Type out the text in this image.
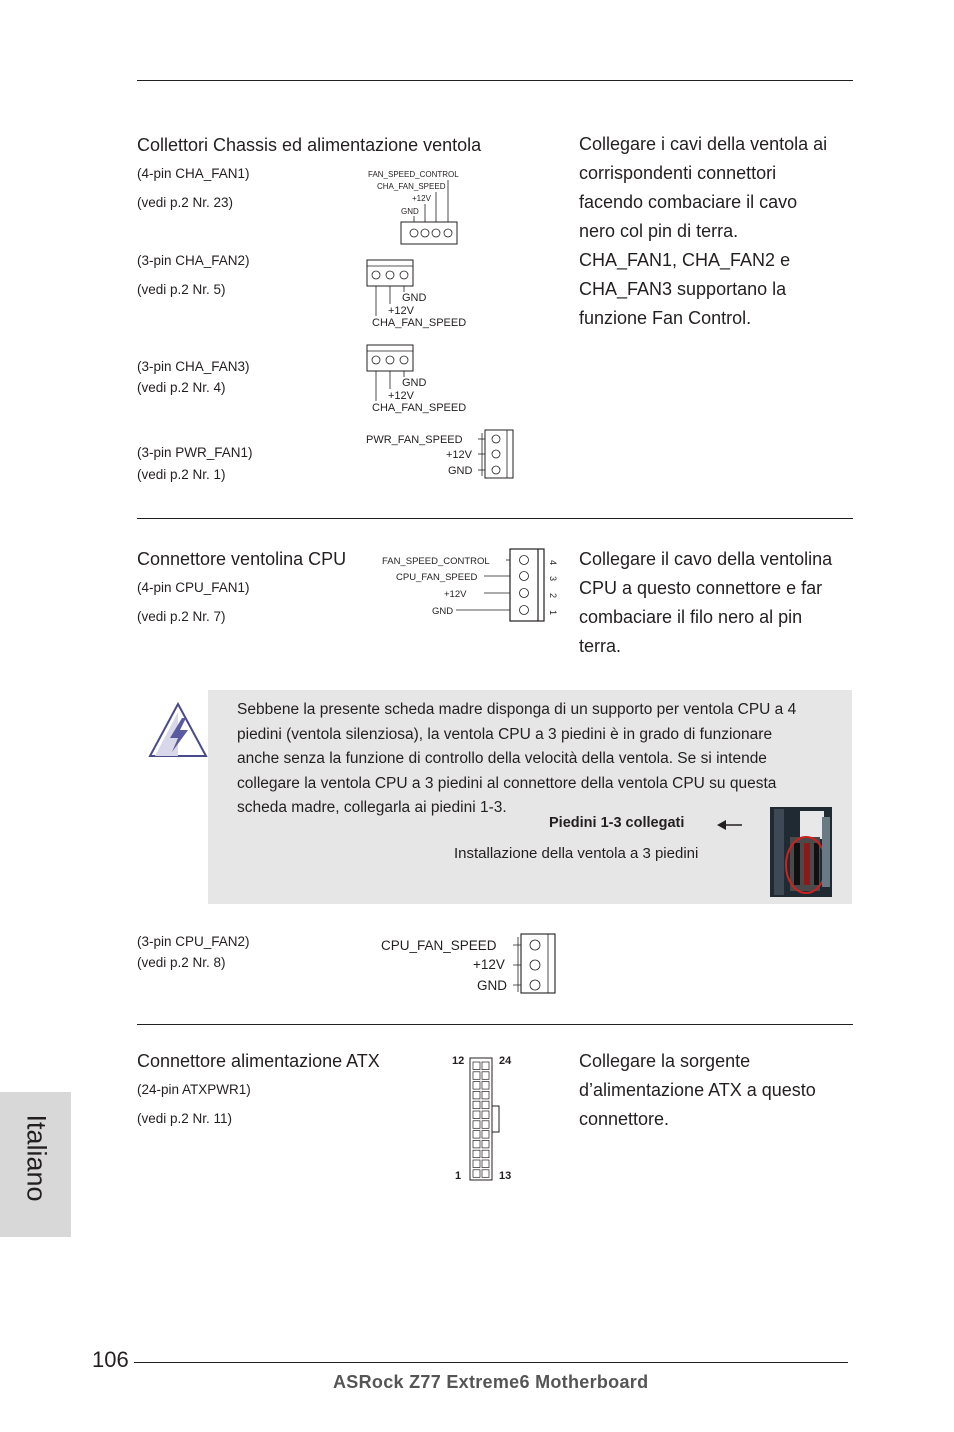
Collettori Chassis ed alimentazione ventola	Collegare i cavi della ventola ai
corrispondenti connettori
facendo combaciare il cavo
nero col pin di terra.
CHA_FAN1, CHA_FAN2 e
CHA_FAN3 supportano la
funzione Fan Control.
(4-pin CHA_FAN1)
(vedi p.2 Nr. 23)
FAN_SPEED_CONTROL
CHA_FAN_SPEED
+12V
GND
(3-pin CHA_FAN2)
(vedi p.2 Nr. 5)
GND
+12V
CHA_FAN_SPEED
(3-pin CHA_FAN3)
(vedi p.2 Nr. 4)	GND
+12V
CHA_FAN_SPEED
(3-pin PWR_FAN1)
(vedi p.2 Nr. 1)
PWR_FAN_SPEED
+12V
GND
Connettore ventolina CPU
(4-pin CPU_FAN1)
(vedi p.2 Nr. 7)
Collegare il cavo della ventolina
CPU a questo connettore e far
combaciare il filo nero al pin
terra.
FAN_SPEED_CONTROL
CPU_FAN_SPEED
+12V
GND
4
3
2
1
Sebbene la presente scheda madre disponga di un supporto per ventola CPU a 4
piedini (ventola silenziosa), la ventola CPU a 3 piedini è in grado di funzionare
anche senza la funzione di controllo della velocità della ventola. Se si intende
collegare la ventola CPU a 3 piedini al connettore della ventola CPU su questa
scheda madre, collegarla ai piedini 1-3.
Piedini 1-3 collegati
Installazione della ventola a 3 piedini
(3-pin CPU_FAN2)
(vedi p.2 Nr. 8)
CPU_FAN_SPEED
+12V
GND
Connettore alimentazione ATX
(24-pin ATXPWR1)
(vedi p.2 Nr. 11)
Collegare la sorgente
d’alimentazione ATX a questo
connettore.
12	24
1	13
Italiano
106
ASRock Z77 Extreme6 Motherboard
